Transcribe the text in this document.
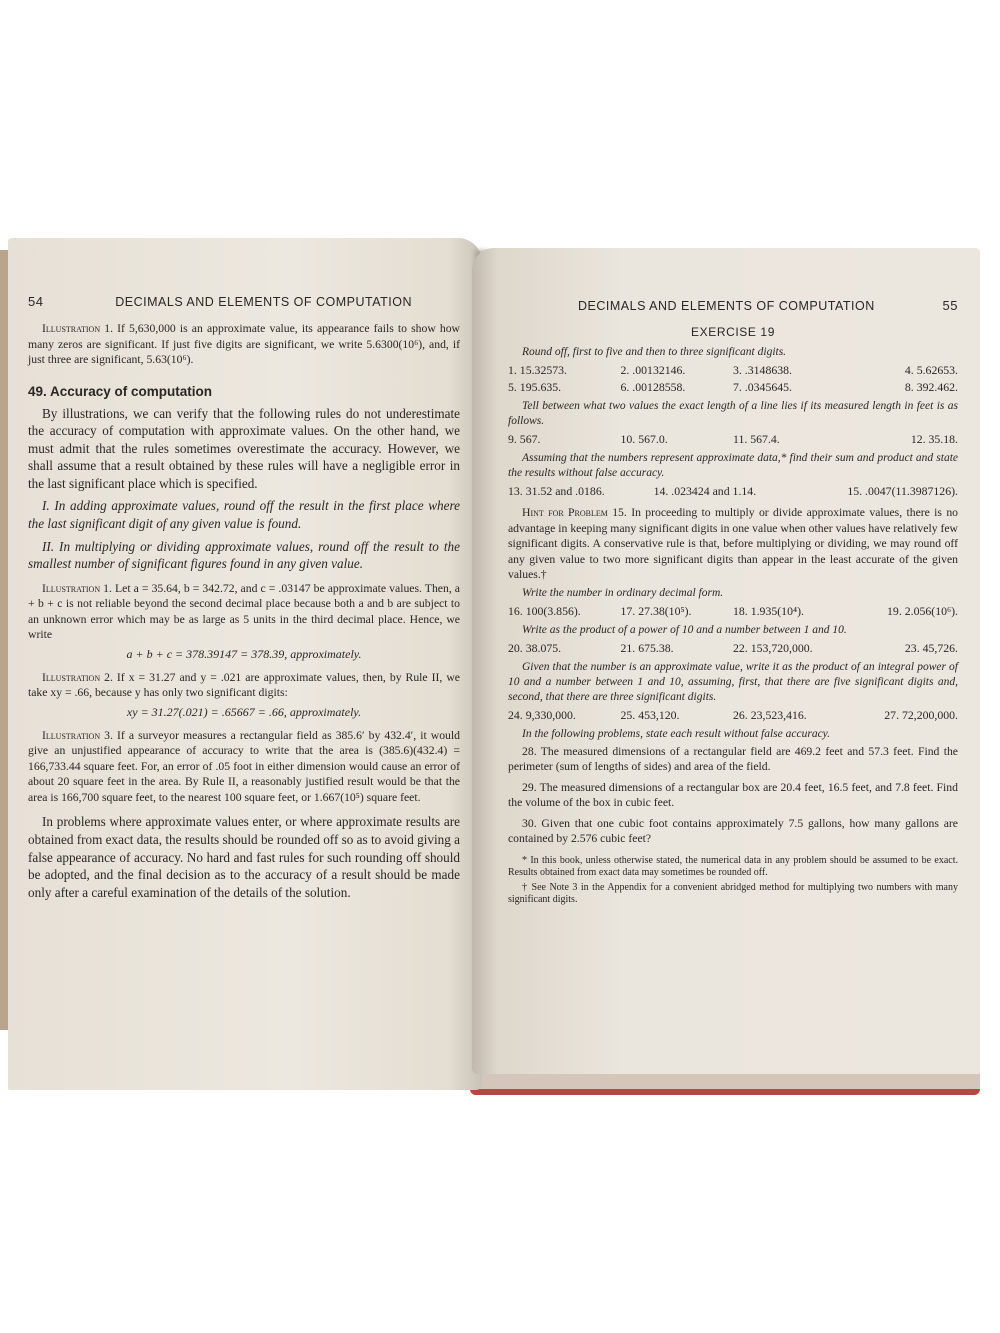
54	DECIMALS AND ELEMENTS OF COMPUTATION

Illustration 1. If 5,630,000 is an approximate value, its appearance fails to show how many zeros are significant. If just five digits are significant, we write 5.6300(10⁶), and, if just three are significant, 5.63(10⁶).

49. Accuracy of computation

By illustrations, we can verify that the following rules do not underestimate the accuracy of computation with approximate values. On the other hand, we must admit that the rules sometimes overestimate the accuracy. However, we shall assume that a result obtained by these rules will have a negligible error in the last significant place which is specified.

I. In adding approximate values, round off the result in the first place where the last significant digit of any given value is found.

II. In multiplying or dividing approximate values, round off the result to the smallest number of significant figures found in any given value.

Illustration 1. Let a = 35.64, b = 342.72, and c = .03147 be approximate values. Then, a + b + c is not reliable beyond the second decimal place because both a and b are subject to an unknown error which may be as large as 5 units in the third decimal place. Hence, we write

a + b + c = 378.39147 = 378.39, approximately.

Illustration 2. If x = 31.27 and y = .021 are approximate values, then, by Rule II, we take xy = .66, because y has only two significant digits:

xy = 31.27(.021) = .65667 = .66, approximately.

Illustration 3. If a surveyor measures a rectangular field as 385.6′ by 432.4′, it would give an unjustified appearance of accuracy to write that the area is (385.6)(432.4) = 166,733.44 square feet. For, an error of .05 foot in either dimension would cause an error of about 20 square feet in the area. By Rule II, a reasonably justified result would be that the area is 166,700 square feet, to the nearest 100 square feet, or 1.667(10⁵) square feet.

In problems where approximate values enter, or where approximate results are obtained from exact data, the results should be rounded off so as to avoid giving a false appearance of accuracy. No hard and fast rules for such rounding off should be adopted, and the final decision as to the accuracy of a result should be made only after a careful examination of the details of the solution.

DECIMALS AND ELEMENTS OF COMPUTATION	55
EXERCISE 19

Round off, first to five and then to three significant digits.

1. 15.32573.	2. .00132146.	3. .3148638.	4. 5.62653.
5. 195.635.	6. .00128558.	7. .0345645.	8. 392.462.

Tell between what two values the exact length of a line lies if its measured length in feet is as follows.

9. 567.	10. 567.0.	11. 567.4.	12. 35.18.

Assuming that the numbers represent approximate data,* find their sum and product and state the results without false accuracy.

13. 31.52 and .0186.	14. .023424 and 1.14.	15. .0047(11.3987126).

Hint for Problem 15. In proceeding to multiply or divide approximate values, there is no advantage in keeping many significant digits in one value when other values have relatively few significant digits. A conservative rule is that, before multiplying or dividing, we may round off any given value to two more significant digits than appear in the least accurate of the given values.†

Write the number in ordinary decimal form.

16. 100(3.856).	17. 27.38(10⁵).	18. 1.935(10⁴).	19. 2.056(10⁶).

Write as the product of a power of 10 and a number between 1 and 10.

20. 38.075.	21. 675.38.	22. 153,720,000.	23. 45,726.

Given that the number is an approximate value, write it as the product of an integral power of 10 and a number between 1 and 10, assuming, first, that there are five significant digits and, second, that there are three significant digits.

24. 9,330,000.	25. 453,120.	26. 23,523,416.	27. 72,200,000.

In the following problems, state each result without false accuracy.

28. The measured dimensions of a rectangular field are 469.2 feet and 57.3 feet. Find the perimeter (sum of lengths of sides) and area of the field.

29. The measured dimensions of a rectangular box are 20.4 feet, 16.5 feet, and 7.8 feet. Find the volume of the box in cubic feet.

30. Given that one cubic foot contains approximately 7.5 gallons, how many gallons are contained by 2.576 cubic feet?

* In this book, unless otherwise stated, the numerical data in any problem should be assumed to be exact. Results obtained from exact data may sometimes be rounded off.

† See Note 3 in the Appendix for a convenient abridged method for multiplying two numbers with many significant digits.
